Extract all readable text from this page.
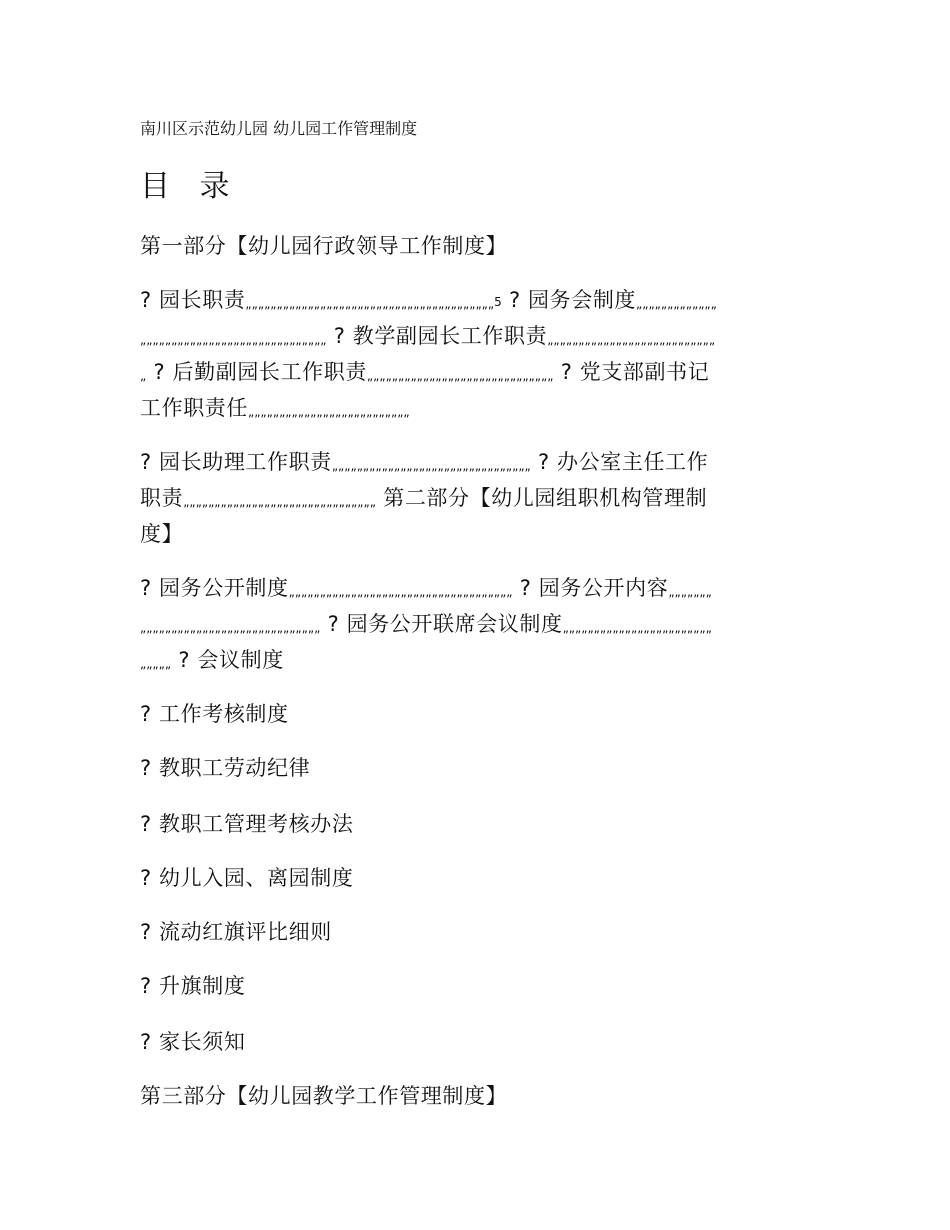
南川区示范幼儿园 幼儿园工作管理制度
目 录
第一部分【幼儿园行政领导工作制度】
? 园长职责„„„„„„„„„„„„„„„„„„„„„„„„„„„„„„„„„„„„„„„„5 ? 园务会制度„„„„„„„„„„„„„
„„„„„„„„„„„„„„„„„„„„„„„„„„„„„„ ? 教学副园长工作职责„„„„„„„„„„„„„„„„„„„„„„„„„„„
„ ? 后勤副园长工作职责„„„„„„„„„„„„„„„„„„„„„„„„„„„„„„ ? 党支部副书记
工作职责任„„„„„„„„„„„„„„„„„„„„„„„„„„
? 园长助理工作职责„„„„„„„„„„„„„„„„„„„„„„„„„„„„„„„„ ? 办公室主任工作
职责„„„„„„„„„„„„„„„„„„„„„„„„„„„„„„„ 第二部分【幼儿园组职机构管理制
度】
? 园务公开制度„„„„„„„„„„„„„„„„„„„„„„„„„„„„„„„„„„„„ ? 园务公开内容„„„„„„„
„„„„„„„„„„„„„„„„„„„„„„„„„„„„„ ? 园务公开联席会议制度„„„„„„„„„„„„„„„„„„„„„„„„
„„„„„ ? 会议制度
? 工作考核制度
? 教职工劳动纪律
? 教职工管理考核办法
? 幼儿入园、离园制度
? 流动红旗评比细则
? 升旗制度
? 家长须知
第三部分【幼儿园教学工作管理制度】
